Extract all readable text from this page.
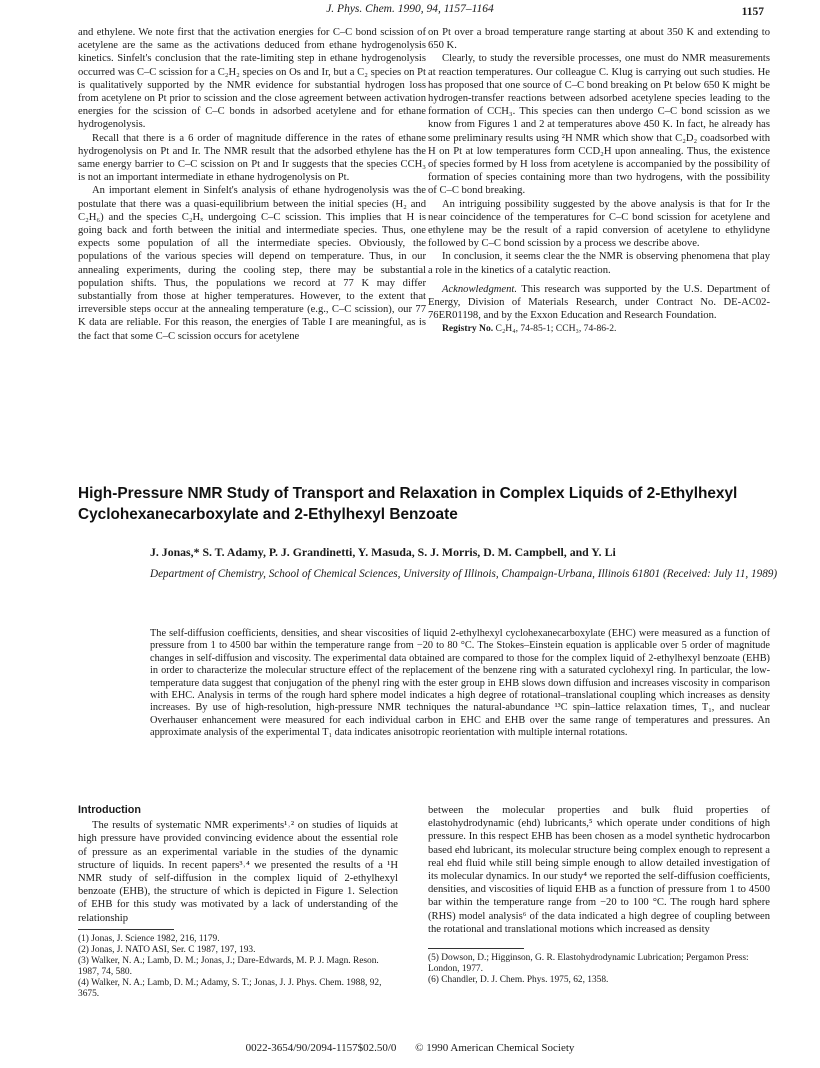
J. Phys. Chem. 1990, 94, 1157–1164	1157

and ethylene. We note first that the activation energies for C–C bond scission of acetylene are the same as the activations deduced from ethane hydrogenolysis kinetics. Sinfelt's conclusion that the rate-limiting step in ethane hydrogenolysis occurred was C–C scission for a C₂H₂ species on Os and Ir, but a C₂ species on Pt is qualitatively supported by the NMR evidence for substantial hydrogen loss from acetylene on Pt prior to scission and the close agreement between activation energies for the scission of C–C bonds in adsorbed acetylene and for ethane hydrogenolysis.

Recall that there is a 6 order of magnitude difference in the rates of ethane hydrogenolysis on Pt and Ir. The NMR result that the adsorbed ethylene has the same energy barrier to C–C scission on Pt and Ir suggests that the species CCH₃ is not an important intermediate in ethane hydrogenolysis on Pt.

An important element in Sinfelt's analysis of ethane hydrogenolysis was the postulate that there was a quasi-equilibrium between the initial species (H₂ and C₂H₆) and the species C₂Hₓ undergoing C–C scission. This implies that H is going back and forth between the initial and intermediate species. Thus, one expects some population of all the intermediate species. Obviously, the populations of the various species will depend on temperature. Thus, in our annealing experiments, during the cooling step, there may be substantial population shifts. Thus, the populations we record at 77 K may differ substantially from those at higher temperatures. However, to the extent that irreversible steps occur at the annealing temperature (e.g., C–C scission), our 77 K data are reliable. For this reason, the energies of Table I are meaningful, as is the fact that some C–C scission occurs for acetylene

on Pt over a broad temperature range starting at about 350 K and extending to 650 K.

Clearly, to study the reversible processes, one must do NMR measurements at reaction temperatures. Our colleague C. Klug is carrying out such studies. He has proposed that one source of C–C bond breaking on Pt below 650 K might be hydrogen-transfer reactions between adsorbed acetylene species leading to the formation of CCH₃. This species can then undergo C–C bond scission as we know from Figures 1 and 2 at temperatures above 450 K. In fact, he already has some preliminary results using ²H NMR which show that C₂D₂ coadsorbed with H on Pt at low temperatures form CCD₂H upon annealing. Thus, the existence of species formed by H loss from acetylene is accompanied by the possibility of formation of species containing more than two hydrogens, with the possibility of C–C bond breaking.

An intriguing possibility suggested by the above analysis is that for Ir the near coincidence of the temperatures for C–C bond scission for acetylene and ethylene may be the result of a rapid conversion of acetylene to ethylidyne followed by C–C bond scission by a process we describe above.

In conclusion, it seems clear the the NMR is observing phenomena that play a role in the kinetics of a catalytic reaction.

Acknowledgment. This research was supported by the U.S. Department of Energy, Division of Materials Research, under Contract No. DE-AC02-76ER01198, and by the Exxon Education and Research Foundation.

Registry No. C₂H₄, 74-85-1; CCH₃, 74-86-2.

High-Pressure NMR Study of Transport and Relaxation in Complex Liquids of 2-Ethylhexyl Cyclohexanecarboxylate and 2-Ethylhexyl Benzoate
J. Jonas,* S. T. Adamy, P. J. Grandinetti, Y. Masuda, S. J. Morris, D. M. Campbell, and Y. Li
Department of Chemistry, School of Chemical Sciences, University of Illinois, Champaign-Urbana, Illinois 61801 (Received: July 11, 1989)
The self-diffusion coefficients, densities, and shear viscosities of liquid 2-ethylhexyl cyclohexanecarboxylate (EHC) were measured as a function of pressure from 1 to 4500 bar within the temperature range from −20 to 80 °C. The Stokes–Einstein equation is applicable over 5 order of magnitude changes in self-diffusion and viscosity. The experimental data obtained are compared to those for the complex liquid of 2-ethylhexyl benzoate (EHB) in order to characterize the molecular structure effect of the replacement of the benzene ring with a saturated cyclohexyl ring. In particular, the low-temperature data suggest that conjugation of the phenyl ring with the ester group in EHB slows down diffusion and increases viscosity in comparison with EHC. Analysis in terms of the rough hard sphere model indicates a high degree of rotational–translational coupling which increases as density increases. By use of high-resolution, high-pressure NMR techniques the natural-abundance ¹³C spin–lattice relaxation times, T₁, and nuclear Overhauser enhancement were measured for each individual carbon in EHC and EHB over the same range of temperatures and pressures. An approximate analysis of the experimental T₁ data indicates anisotropic reorientation with multiple internal rotations.
Introduction

The results of systematic NMR experiments¹˒² on studies of liquids at high pressure have provided convincing evidence about the essential role of pressure as an experimental variable in the studies of the dynamic structure of liquids. In recent papers³˒⁴ we presented the results of a ¹H NMR study of self-diffusion in the complex liquid of 2-ethylhexyl benzoate (EHB), the structure of which is depicted in Figure 1. Selection of EHB for this study was motivated by a lack of understanding of the relationship

(1) Jonas, J. Science 1982, 216, 1179.
(2) Jonas, J. NATO ASI, Ser. C 1987, 197, 193.
(3) Walker, N. A.; Lamb, D. M.; Jonas, J.; Dare-Edwards, M. P. J. Magn. Reson. 1987, 74, 580.
(4) Walker, N. A.; Lamb, D. M.; Adamy, S. T.; Jonas, J. J. Phys. Chem. 1988, 92, 3675.

between the molecular properties and bulk fluid properties of elastohydrodynamic (ehd) lubricants,⁵ which operate under conditions of high pressure. In this respect EHB has been chosen as a model synthetic hydrocarbon based ehd lubricant, its molecular structure being complex enough to represent a real ehd fluid while still being simple enough to allow detailed investigation of its molecular dynamics. In our study⁴ we reported the self-diffusion coefficients, densities, and viscosities of liquid EHB as a function of pressure from 1 to 4500 bar within the temperature range from −20 to 100 °C. The rough hard sphere (RHS) model analysis⁶ of the data indicated a high degree of coupling between the rotational and translational motions which increased as density

(5) Dowson, D.; Higginson, G. R. Elastohydrodynamic Lubrication; Pergamon Press: London, 1977.
(6) Chandler, D. J. Chem. Phys. 1975, 62, 1358.
0022-3654/90/2094-1157$02.50/0 © 1990 American Chemical Society
